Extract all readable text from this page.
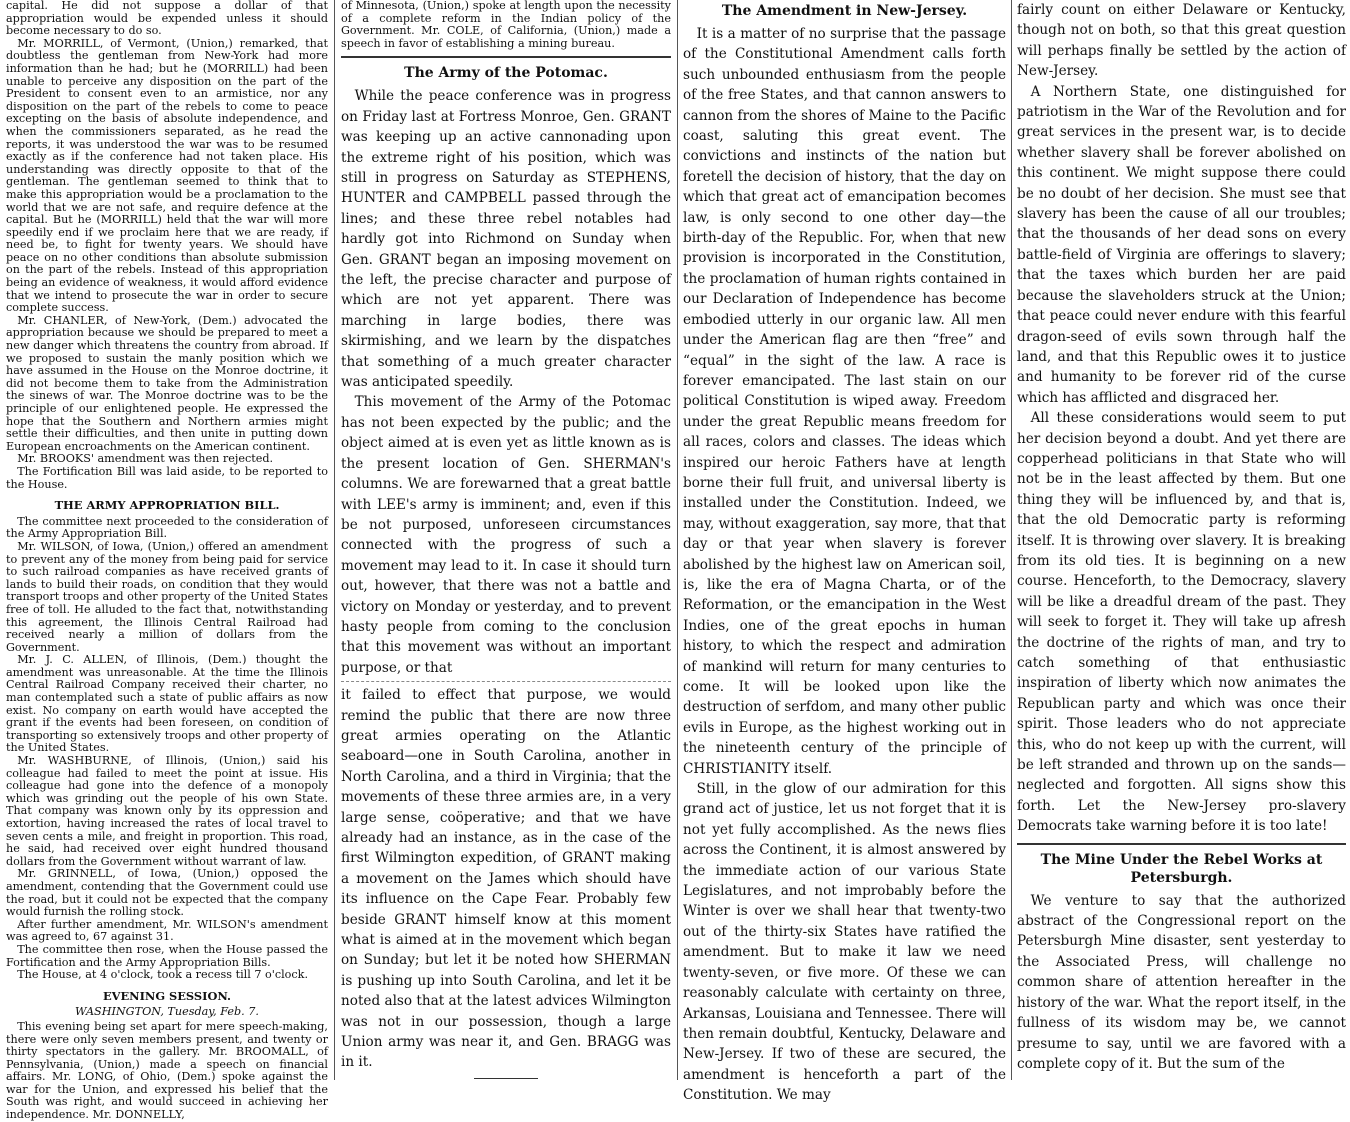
capital. He did not suppose a dollar of that appropriation would be expended unless it should become necessary to do so.

Mr. MORRILL, of Vermont, (Union,) remarked, that doubtless the gentleman from New-York had more information than he had; but he (MORRILL) had been unable to perceive any disposition on the part of the President to consent even to an armistice, nor any disposition on the part of the rebels to come to peace excepting on the basis of absolute independence, and when the commissioners separated, as he read the reports, it was understood the war was to be resumed exactly as if the conference had not taken place. His understanding was directly opposite to that of the gentleman. The gentleman seemed to think that to make this appropriation would be a proclamation to the world that we are not safe, and require defence at the capital. But he (MORRILL) held that the war will more speedily end if we proclaim here that we are ready, if need be, to fight for twenty years. We should have peace on no other conditions than absolute submission on the part of the rebels. Instead of this appropriation being an evidence of weakness, it would afford evidence that we intend to prosecute the war in order to secure complete success.

Mr. CHANLER, of New-York, (Dem.) advocated the appropriation because we should be prepared to meet a new danger which threatens the country from abroad. If we proposed to sustain the manly position which we have assumed in the House on the Monroe doctrine, it did not become them to take from the Administration the sinews of war. The Monroe doctrine was to be the principle of our enlightened people. He expressed the hope that the Southern and Northern armies might settle their difficulties, and then unite in putting down European encroachments on the American continent.

Mr. BROOKS' amendment was then rejected.

The Fortification Bill was laid aside, to be reported to the House.

THE ARMY APPROPRIATION BILL.

The committee next proceeded to the consideration of the Army Appropriation Bill.

Mr. WILSON, of Iowa, (Union,) offered an amendment to prevent any of the money from being paid for service to such railroad companies as have received grants of lands to build their roads, on condition that they would transport troops and other property of the United States free of toll. He alluded to the fact that, notwithstanding this agreement, the Illinois Central Railroad had received nearly a million of dollars from the Government.

Mr. J. C. ALLEN, of Illinois, (Dem.) thought the amendment was unreasonable. At the time the Illinois Central Railroad Company received their charter, no man contemplated such a state of public affairs as now exist. No company on earth would have accepted the grant if the events had been foreseen, on condition of transporting so extensively troops and other property of the United States.

Mr. WASHBURNE, of Illinois, (Union,) said his colleague had failed to meet the point at issue. His colleague had gone into the defence of a monopoly which was grinding out the people of his own State. That company was known only by its oppression and extortion, having increased the rates of local travel to seven cents a mile, and freight in proportion. This road, he said, had received over eight hundred thousand dollars from the Government without warrant of law.

Mr. GRINNELL, of Iowa, (Union,) opposed the amendment, contending that the Government could use the road, but it could not be expected that the company would furnish the rolling stock.

After further amendment, Mr. WILSON's amendment was agreed to, 67 against 31.

The committee then rose, when the House passed the Fortification and the Army Appropriation Bills.

The House, at 4 o'clock, took a recess till 7 o'clock.

EVENING SESSION.
WASHINGTON, Tuesday, Feb. 7.

This evening being set apart for mere speech-making, there were only seven members present, and twenty or thirty spectators in the gallery. Mr. BROOMALL, of Pennsylvania, (Union,) made a speech on financial affairs. Mr. LONG, of Ohio, (Dem.) spoke against the war for the Union, and expressed his belief that the South was right, and would succeed in achieving her independence. Mr. DONNELLY,

of Minnesota, (Union,) spoke at length upon the necessity of a complete reform in the Indian policy of the Government. Mr. COLE, of California, (Union,) made a speech in favor of establishing a mining bureau.

The Army of the Potomac.

While the peace conference was in progress on Friday last at Fortress Monroe, Gen. GRANT was keeping up an active cannonading upon the extreme right of his position, which was still in progress on Saturday as STEPHENS, HUNTER and CAMPBELL passed through the lines; and these three rebel notables had hardly got into Richmond on Sunday when Gen. GRANT began an imposing movement on the left, the precise character and purpose of which are not yet apparent. There was marching in large bodies, there was skirmishing, and we learn by the dispatches that something of a much greater character was anticipated speedily.

This movement of the Army of the Potomac has not been expected by the public; and the object aimed at is even yet as little known as is the present location of Gen. SHERMAN's columns. We are forewarned that a great battle with LEE's army is imminent; and, even if this be not purposed, unforeseen circumstances connected with the progress of such a movement may lead to it. In case it should turn out, however, that there was not a battle and victory on Monday or yesterday, and to prevent hasty people from coming to the conclusion that this movement was without an important purpose, or that

it failed to effect that purpose, we would remind the public that there are now three great armies operating on the Atlantic seaboard—one in South Carolina, another in North Carolina, and a third in Virginia; that the movements of these three armies are, in a very large sense, coöperative; and that we have already had an instance, as in the case of the first Wilmington expedition, of GRANT making a movement on the James which should have its influence on the Cape Fear. Probably few beside GRANT himself know at this moment what is aimed at in the movement which began on Sunday; but let it be noted how SHERMAN is pushing up into South Carolina, and let it be noted also that at the latest advices Wilmington was not in our possession, though a large Union army was near it, and Gen. BRAGG was in it.

The Amendment in New-Jersey.

It is a matter of no surprise that the passage of the Constitutional Amendment calls forth such unbounded enthusiasm from the people of the free States, and that cannon answers to cannon from the shores of Maine to the Pacific coast, saluting this great event. The convictions and instincts of the nation but foretell the decision of history, that the day on which that great act of emancipation becomes law, is only second to one other day—the birth-day of the Republic. For, when that new provision is incorporated in the Constitution, the proclamation of human rights contained in our Declaration of Independence has become embodied utterly in our organic law. All men under the American flag are then “free” and “equal” in the sight of the law. A race is forever emancipated. The last stain on our political Constitution is wiped away. Freedom under the great Republic means freedom for all races, colors and classes. The ideas which inspired our heroic Fathers have at length borne their full fruit, and universal liberty is installed under the Constitution. Indeed, we may, without exaggeration, say more, that that day or that year when slavery is forever abolished by the highest law on American soil, is, like the era of Magna Charta, or of the Reformation, or the emancipation in the West Indies, one of the great epochs in human history, to which the respect and admiration of mankind will return for many centuries to come. It will be looked upon like the destruction of serfdom, and many other public evils in Europe, as the highest working out in the nineteenth century of the principle of CHRISTIANITY itself.

Still, in the glow of our admiration for this grand act of justice, let us not forget that it is not yet fully accomplished. As the news flies across the Continent, it is almost answered by the immediate action of our various State Legislatures, and not improbably before the Winter is over we shall hear that twenty-two out of the thirty-six States have ratified the amendment. But to make it law we need twenty-seven, or five more. Of these we can reasonably calculate with certainty on three, Arkansas, Louisiana and Tennessee. There will then remain doubtful, Kentucky, Delaware and New-Jersey. If two of these are secured, the amendment is henceforth a part of the Constitution. We may

fairly count on either Delaware or Kentucky, though not on both, so that this great question will perhaps finally be settled by the action of New-Jersey.

A Northern State, one distinguished for patriotism in the War of the Revolution and for great services in the present war, is to decide whether slavery shall be forever abolished on this continent. We might suppose there could be no doubt of her decision. She must see that slavery has been the cause of all our troubles; that the thousands of her dead sons on every battle-field of Virginia are offerings to slavery; that the taxes which burden her are paid because the slaveholders struck at the Union; that peace could never endure with this fearful dragon-seed of evils sown through half the land, and that this Republic owes it to justice and humanity to be forever rid of the curse which has afflicted and disgraced her.

All these considerations would seem to put her decision beyond a doubt. And yet there are copperhead politicians in that State who will not be in the least affected by them. But one thing they will be influenced by, and that is, that the old Democratic party is reforming itself. It is throwing over slavery. It is breaking from its old ties. It is beginning on a new course. Henceforth, to the Democracy, slavery will be like a dreadful dream of the past. They will seek to forget it. They will take up afresh the doctrine of the rights of man, and try to catch something of that enthusiastic inspiration of liberty which now animates the Republican party and which was once their spirit. Those leaders who do not appreciate this, who do not keep up with the current, will be left stranded and thrown up on the sands—neglected and forgotten. All signs show this forth. Let the New-Jersey pro-slavery Democrats take warning before it is too late!

The Mine Under the Rebel Works at Petersburgh.

We venture to say that the authorized abstract of the Congressional report on the Petersburgh Mine disaster, sent yesterday to the Associated Press, will challenge no common share of attention hereafter in the history of the war. What the report itself, in the fullness of its wisdom may be, we cannot presume to say, until we are favored with a complete copy of it. But the sum of the
